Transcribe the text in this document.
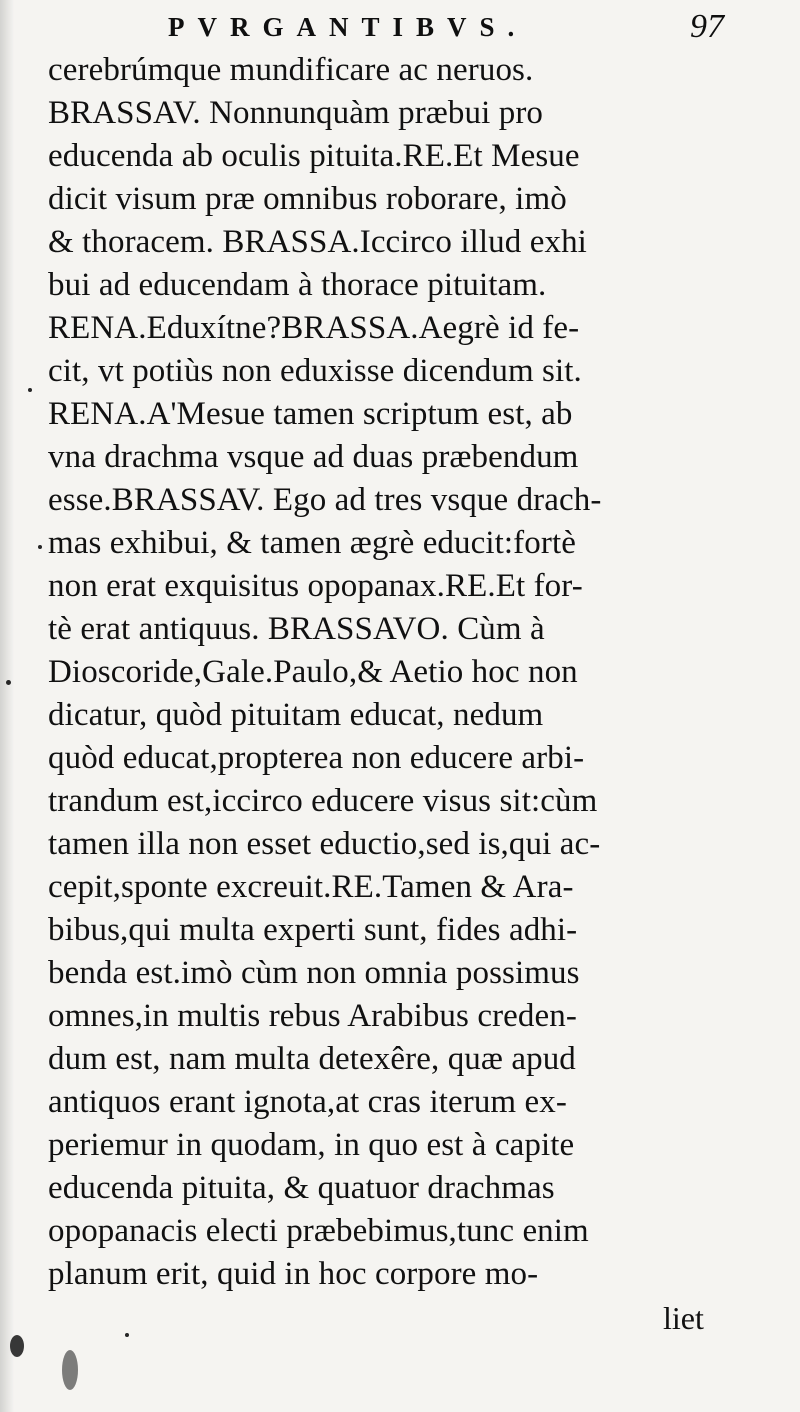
PVRGANTIBVS.	97
cerebrúmque mundificare ac neruos.
BRASSAV. Nonnunquàm præbui pro
educenda ab oculis pituita.RE.Et Mesue
dicit visum præ omnibus roborare, imò
& thoracem. BRASSA.Iccirco illud exhi
bui ad educendam à thorace pituitam.
RENA.Eduxítne?BRASSA.Aegrè id fe-
cit, vt potiùs non eduxisse dicendum sit.
RENA.A'Mesue tamen scriptum est, ab
vna drachma vsque ad duas præbendum
esse.BRASSAV. Ego ad tres vsque drach-
mas exhibui, & tamen ægrè educit:fortè
non erat exquisitus opopanax.RE.Et for-
tè erat antiquus. BRASSAVO. Cùm à
Dioscoride,Gale.Paulo,& Aetio hoc non
dicatur, quòd pituitam educat, nedum
quòd educat,propterea non educere arbi-
trandum est,iccirco educere visus sit:cùm
tamen illa non esset eductio,sed is,qui ac-
cepit,sponte excreuit.RE.Tamen & Ara-
bibus,qui multa experti sunt, fides adhi-
benda est.imò cùm non omnia possimus
omnes,in multis rebus Arabibus creden-
dum est, nam multa detexêre, quæ apud
antiquos erant ignota,at cras iterum ex-
periemur in quodam, in quo est à capite
educenda pituita, & quatuor drachmas
opopanacis electi præbebimus,tunc enim
planum erit, quid in hoc corpore mo-
liet
